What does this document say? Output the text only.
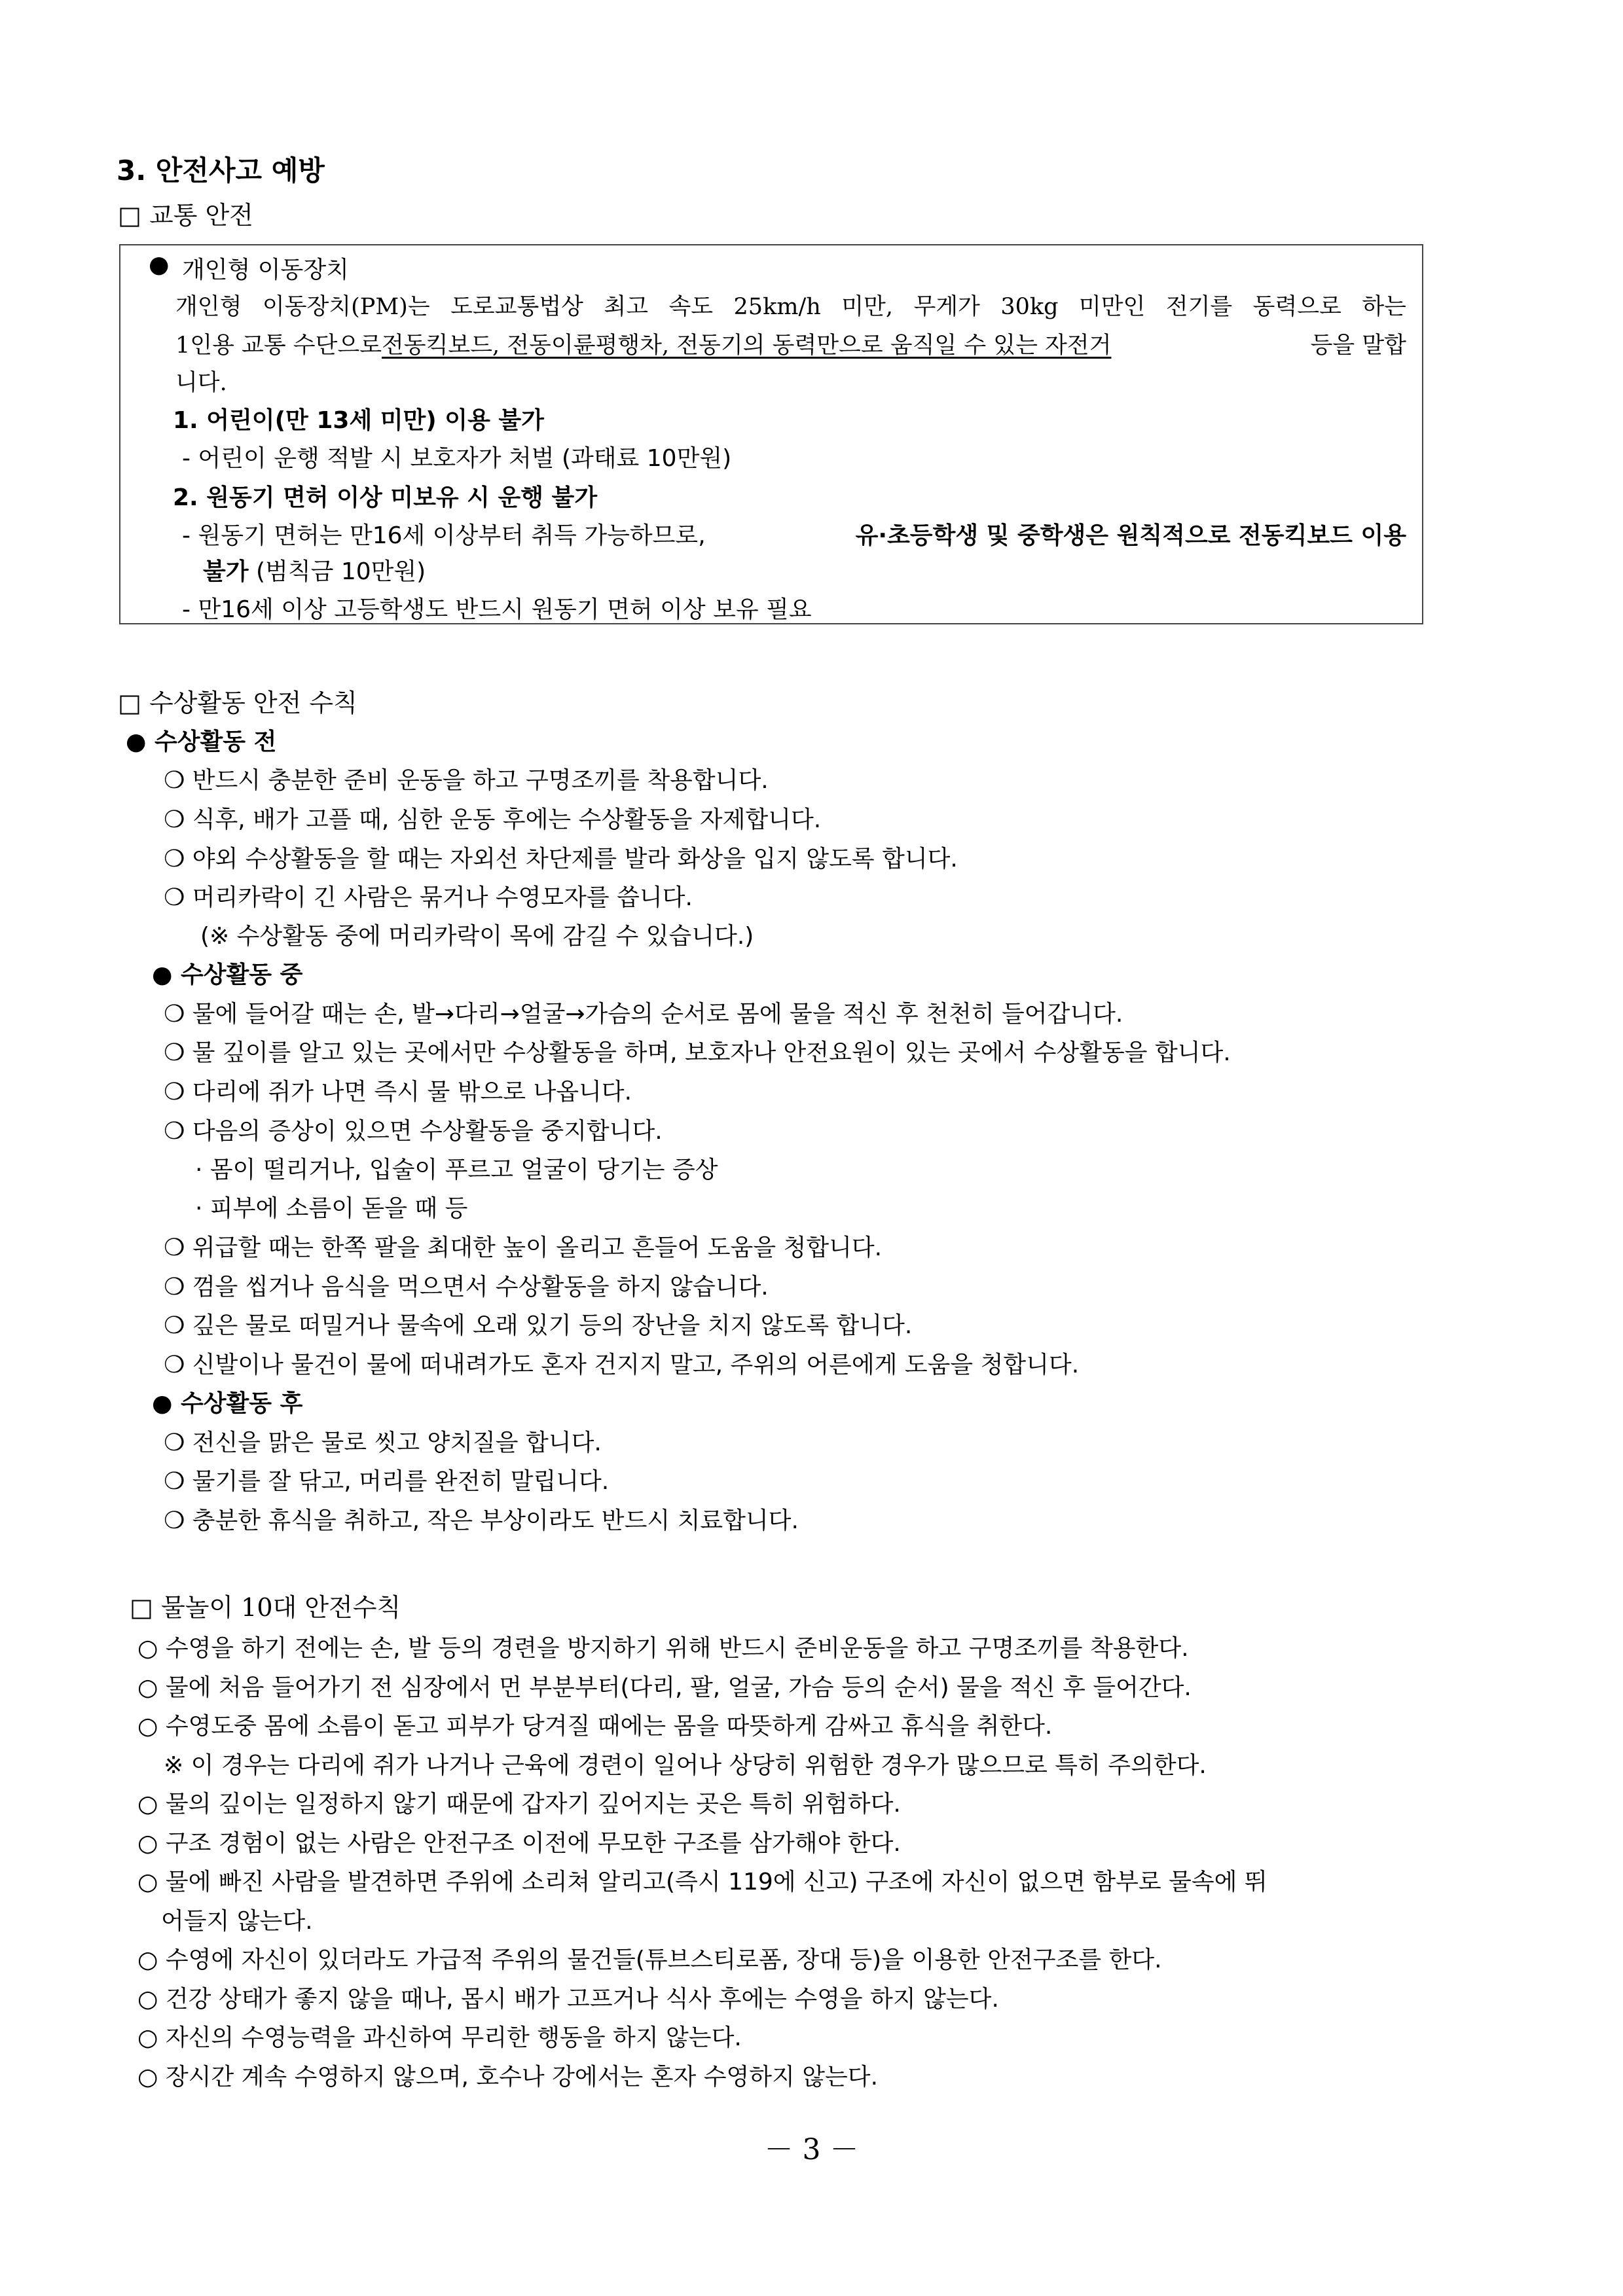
3. 안전사고 예방
□ 교통 안전
● 개인형 이동장치
개인형 이동장치(PM)는 도로교통법상 최고 속도 25km/h 미만, 무게가 30kg 미만인 전기를 동력으로 하는
1인용 교통 수단으로 전동킥보드, 전동이륜평행차, 전동기의 동력만으로 움직일 수 있는 자전거	등을 말합
니다.
1. 어린이(만 13세 미만) 이용 불가
- 어린이 운행 적발 시 보호자가 처벌 (과태료 10만원)
2. 원동기 면허 이상 미보유 시 운행 불가
- 원동기 면허는 만16세 이상부터 취득 가능하므로,	유·초등학생 및 중학생은 원칙적으로 전동킥보드 이용
불가 (범칙금 10만원)
- 만16세 이상 고등학생도 반드시 원동기 면허 이상 보유 필요
□ 수상활동 안전 수칙
● 수상활동 전
❍ 반드시 충분한 준비 운동을 하고 구명조끼를 착용합니다.
❍ 식후, 배가 고플 때, 심한 운동 후에는 수상활동을 자제합니다.
❍ 야외 수상활동을 할 때는 자외선 차단제를 발라 화상을 입지 않도록 합니다.
❍ 머리카락이 긴 사람은 묶거나 수영모자를 씁니다.
(※ 수상활동 중에 머리카락이 목에 감길 수 있습니다.)
● 수상활동 중
❍ 물에 들어갈 때는 손, 발→다리→얼굴→가슴의 순서로 몸에 물을 적신 후 천천히 들어갑니다.
❍ 물 깊이를 알고 있는 곳에서만 수상활동을 하며, 보호자나 안전요원이 있는 곳에서 수상활동을 합니다.
❍ 다리에 쥐가 나면 즉시 물 밖으로 나옵니다.
❍ 다음의 증상이 있으면 수상활동을 중지합니다.
· 몸이 떨리거나, 입술이 푸르고 얼굴이 당기는 증상
· 피부에 소름이 돋을 때 등
❍ 위급할 때는 한쪽 팔을 최대한 높이 올리고 흔들어 도움을 청합니다.
❍ 껌을 씹거나 음식을 먹으면서 수상활동을 하지 않습니다.
❍ 깊은 물로 떠밀거나 물속에 오래 있기 등의 장난을 치지 않도록 합니다.
❍ 신발이나 물건이 물에 떠내려가도 혼자 건지지 말고, 주위의 어른에게 도움을 청합니다.
● 수상활동 후
❍ 전신을 맑은 물로 씻고 양치질을 합니다.
❍ 물기를 잘 닦고, 머리를 완전히 말립니다.
❍ 충분한 휴식을 취하고, 작은 부상이라도 반드시 치료합니다.
□ 물놀이 10대 안전수칙
○ 수영을 하기 전에는 손, 발 등의 경련을 방지하기 위해 반드시 준비운동을 하고 구명조끼를 착용한다.
○ 물에 처음 들어가기 전 심장에서 먼 부분부터(다리, 팔, 얼굴, 가슴 등의 순서) 물을 적신 후 들어간다.
○ 수영도중 몸에 소름이 돋고 피부가 당겨질 때에는 몸을 따뜻하게 감싸고 휴식을 취한다.
※ 이 경우는 다리에 쥐가 나거나 근육에 경련이 일어나 상당히 위험한 경우가 많으므로 특히 주의한다.
○ 물의 깊이는 일정하지 않기 때문에 갑자기 깊어지는 곳은 특히 위험하다.
○ 구조 경험이 없는 사람은 안전구조 이전에 무모한 구조를 삼가해야 한다.
○ 물에 빠진 사람을 발견하면 주위에 소리쳐 알리고(즉시 119에 신고) 구조에 자신이 없으면 함부로 물속에 뛰
어들지 않는다.
○ 수영에 자신이 있더라도 가급적 주위의 물건들(튜브스티로폼, 장대 등)을 이용한 안전구조를 한다.
○ 건강 상태가 좋지 않을 때나, 몹시 배가 고프거나 식사 후에는 수영을 하지 않는다.
○ 자신의 수영능력을 과신하여 무리한 행동을 하지 않는다.
○ 장시간 계속 수영하지 않으며, 호수나 강에서는 혼자 수영하지 않는다.
－ 3 －
